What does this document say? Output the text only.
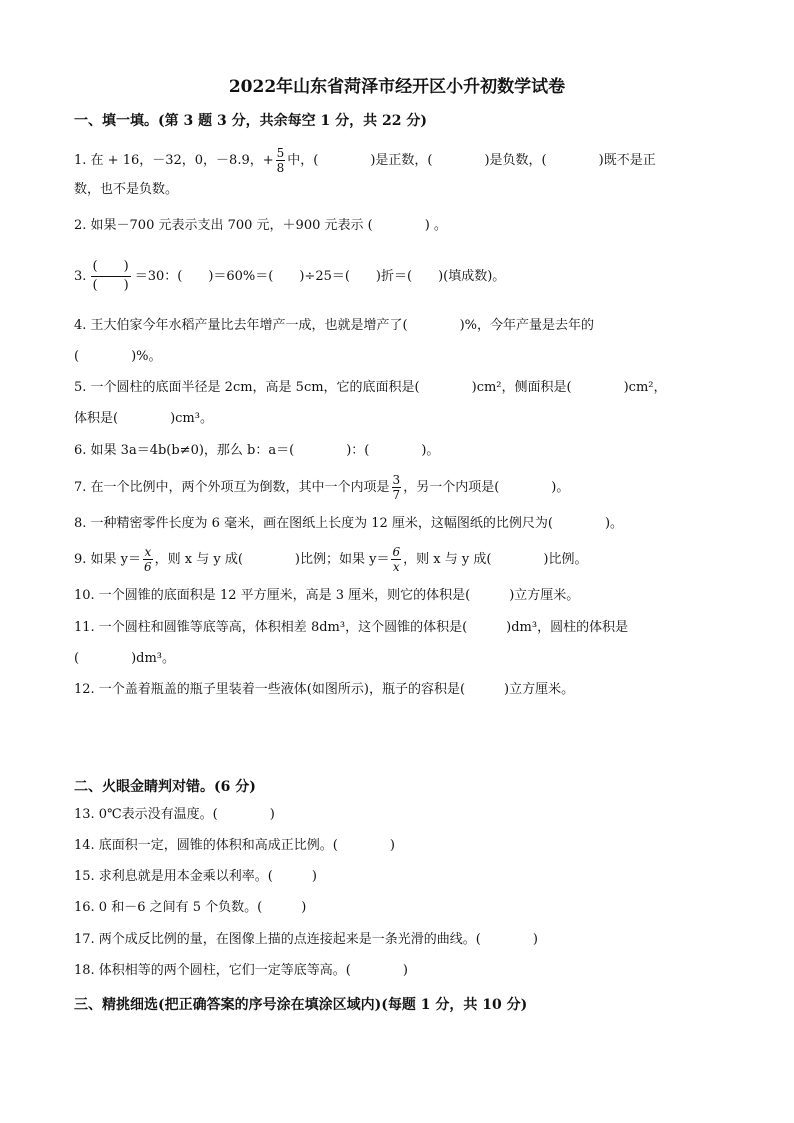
2022年山东省菏泽市经开区小升初数学试卷
一、填一填。(第 3 题 3 分，共余每空 1 分，共 22 分)
1. 在 + 16，－32，0，－8.9，+ $\frac{5}{8}$ 中，(　　　　)是正数，(　　　　)是负数，(　　　　)既不是正
数，也不是负数。
2. 如果－700 元表示支出 700 元，＋900 元表示 (　　　　) 。
3. $\frac{( )}{( )} =30$：(　　)＝60%＝(　　)÷25＝(　　)折＝(　　)(填成数)。
4. 王大伯家今年水稻产量比去年增产一成，也就是增产了(　　　　)%，今年产量是去年的
(　　　　)%。
5. 一个圆柱的底面半径是 2cm，高是 5cm，它的底面积是(　　　　)cm²，侧面积是(　　　　)cm²，
体积是(　　　　)cm³。
6. 如果 3a＝4b(b≠0)，那么 b：a＝(　　　　)：(　　　　)。
7. 在一个比例中，两个外项互为倒数，其中一个内项是 $\frac{3}{7}$ ，另一个内项是(　　　　)。
8. 一种精密零件长度为 6 毫米，画在图纸上长度为 12 厘米，这幅图纸的比例尺为(　　　　)。
9. 如果 $y= \frac{x}{6}$ ，则 x 与 y 成(　　　　)比例；如果 $y= \frac{6}{x}$ ，则 x 与 y 成(　　　　)比例。
10. 一个圆锥的底面积是 12 平方厘米，高是 3 厘米，则它的体积是(　　　)立方厘米。
11. 一个圆柱和圆锥等底等高，体积相差 8dm³，这个圆锥的体积是(　　　)dm³，圆柱的体积是
(　　　　)dm³。
12. 一个盖着瓶盖的瓶子里装着一些液体(如图所示)，瓶子的容积是(　　　)立方厘米。
二、火眼金睛判对错。(6 分)
13. 0℃表示没有温度。(　　　　)
14. 底面积一定，圆锥的体积和高成正比例。(　　　　)
15. 求利息就是用本金乘以利率。(　　　)
16. 0 和－6 之间有 5 个负数。(　　　)
17. 两个成反比例的量，在图像上描的点连接起来是一条光滑的曲线。(　　　　)
18. 体积相等的两个圆柱，它们一定等底等高。(　　　　)
三、精挑细选(把正确答案的序号涂在填涂区域内)(每题 1 分，共 10 分)
